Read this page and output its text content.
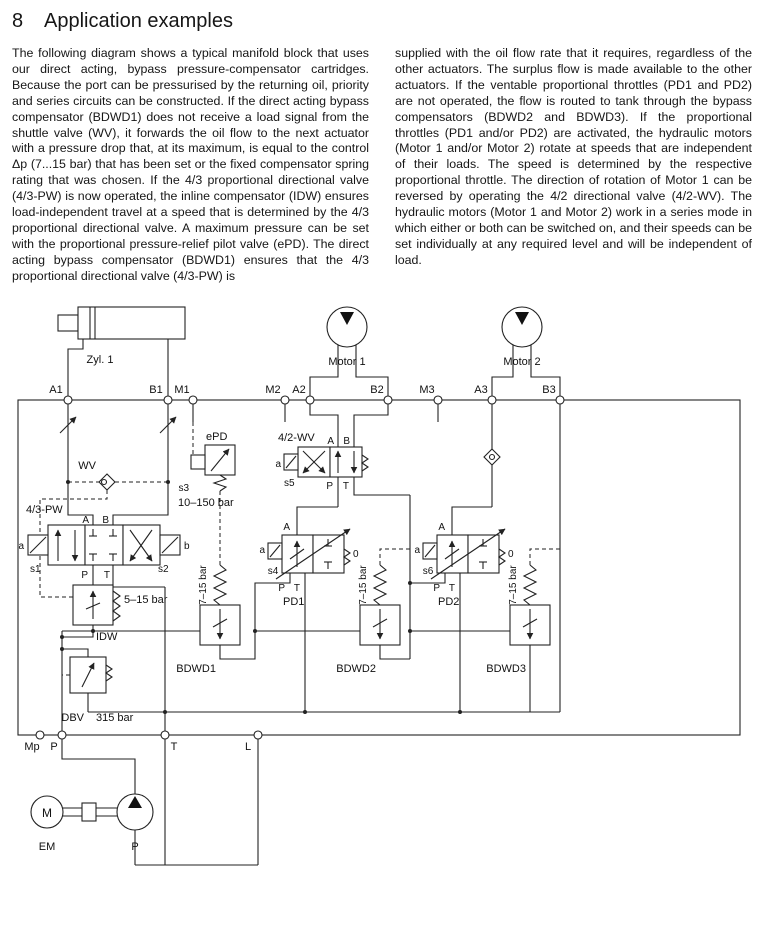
8	Application examples

The following diagram shows a typical manifold block that uses our direct acting, bypass pressure-compensator cartridges. Because the port can be pressurised by the returning oil, priority and series circuits can be constructed. If the direct acting bypass compensator (BDWD1) does not receive a load signal from the shuttle valve (WV), it forwards the oil flow to the next actuator with a pressure drop that, at its maximum, is equal to the control Δp (7...15 bar) that has been set or the fixed compensator spring rating that was chosen. If the 4/3 proportional directional valve (4/3-PW) is now operated, the inline compensator (IDW) ensures load-independent travel at a speed that is determined by the 4/3 proportional directional valve. A maximum pressure can be set with the proportional pressure-relief pilot valve (ePD). The direct acting bypass compensator (BDWD1) ensures that the 4/3 proportional directional valve (4/3-PW) is

supplied with the oil flow rate that it requires, regardless of the other actuators. The surplus flow is made available to the other actuators. If the ventable proportional throttles (PD1 and PD2) are not operated, the flow is routed to tank through the bypass compensators (BDWD2 and BDWD3). If the proportional throttles (PD1 and/or PD2) are activated, the hydraulic motors (Motor 1 and/or Motor 2) rotate at speeds that are independent of their loads. The speed is determined by the respective proportional throttle. The direction of rotation of Motor 1 can be reversed by operating the 4/2 directional valve (4/2-WV). The hydraulic motors (Motor 1 and Motor 2) work in a series mode in which either or both can be switched on, and their speeds can be set individually at any required level and will be independent of load.

Zyl. 1	Motor 1	Motor 2
WV
ePD
s3
10–150 bar
4/2-WV A B
P T
a
s5
4/3-PW
A B
P T
a	b
s1	s2
5–15 bar
IDW
DBV 315 bar
A
a
s4
P T
0
PD1
A
a
s6
P T
0
PD2
7–15 bar
BDWD1
7–15 bar
BDWD2
7–15 bar
BDWD3
A1	B1 M1	M2 A2	B2	M3	A3	B3
Mp P	T	L
M
EM	P
